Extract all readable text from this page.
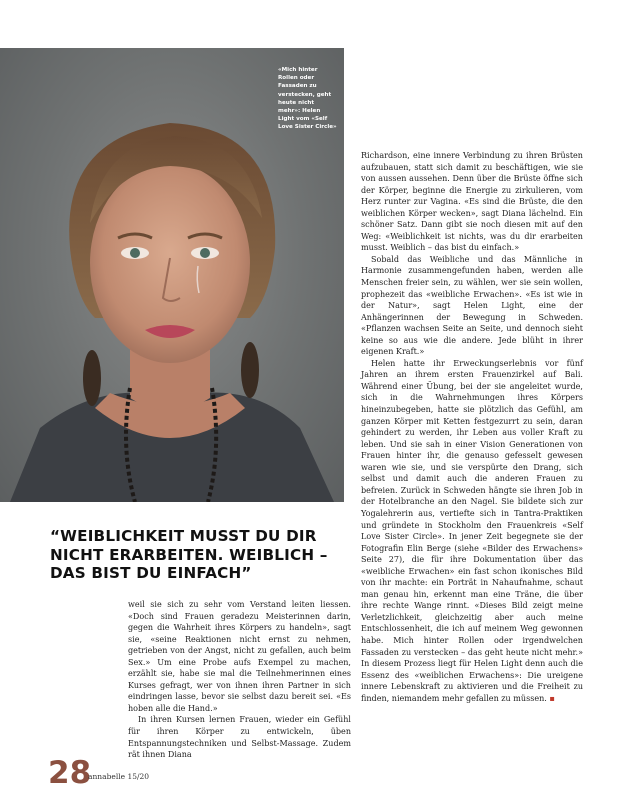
«Mich hinter Rollen oder Fassaden zu verstecken, geht heute nicht mehr»: Helen Light vom «Self Love Sister Circle»

“WEIBLICHKEIT MUSST DU DIR NICHT ERARBEITEN. WEIBLICH – DAS BIST DU EINFACH”

weil sie sich zu sehr vom Verstand leiten liessen. «Doch sind Frauen geradezu Meisterinnen darin, gegen die Wahrheit ihres Körpers zu handeln», sagt sie, «seine Reaktionen nicht ernst zu nehmen, getrieben von der Angst, nicht zu gefallen, auch beim Sex.» Um eine Probe aufs Exempel zu machen, erzählt sie, habe sie mal die Teilnehmerinnen eines Kurses gefragt, wer von ihnen ihren Partner in sich eindringen lasse, bevor sie selbst dazu bereit sei. «Es hoben alle die Hand.»

In ihren Kursen lernen Frauen, wieder ein Gefühl für ihren Körper zu entwickeln, üben Entspannungstechniken und Selbst-Massage. Zudem rät ihnen Diana

Richardson, eine innere Verbindung zu ihren Brüsten aufzubauen, statt sich damit zu beschäftigen, wie sie von aussen aussehen. Denn über die Brüste öffne sich der Körper, beginne die Energie zu zirkulieren, vom Herz runter zur Vagina. «Es sind die Brüste, die den weiblichen Körper wecken», sagt Diana lächelnd. Ein schöner Satz. Dann gibt sie noch diesen mit auf den Weg: «Weiblichkeit ist nichts, was du dir erarbeiten musst. Weiblich – das bist du einfach.»

Sobald das Weibliche und das Männliche in Harmonie zusammengefunden haben, werden alle Menschen freier sein, zu wählen, wer sie sein wollen, prophezeit das «weibliche Erwachen». «Es ist wie in der Natur», sagt Helen Light, eine der Anhängerinnen der Bewegung in Schweden. «Pflanzen wachsen Seite an Seite, und dennoch sieht keine so aus wie die andere. Jede blüht in ihrer eigenen Kraft.»

Helen hatte ihr Erweckungserlebnis vor fünf Jahren an ihrem ersten Frauenzirkel auf Bali. Während einer Übung, bei der sie angeleitet wurde, sich in die Wahrnehmungen ihres Körpers hineinzubegeben, hatte sie plötzlich das Gefühl, am ganzen Körper mit Ketten festgezurrt zu sein, daran gehindert zu werden, ihr Leben aus voller Kraft zu leben. Und sie sah in einer Vision Generationen von Frauen hinter ihr, die genauso gefesselt gewesen waren wie sie, und sie verspürte den Drang, sich selbst und damit auch die anderen Frauen zu befreien. Zurück in Schweden hängte sie ihren Job in der Hotelbranche an den Nagel. Sie bildete sich zur Yogalehrerin aus, vertiefte sich in Tantra-Praktiken und gründete in Stockholm den Frauenkreis «Self Love Sister Circle». In jener Zeit begegnete sie der Fotografin Elin Berge (siehe «Bilder des Erwachens» Seite 27), die für ihre Dokumentation über das «weibliche Erwachen» ein fast schon ikonisches Bild von ihr machte: ein Porträt in Nahaufnahme, schaut man genau hin, erkennt man eine Träne, die über ihre rechte Wange rinnt. «Dieses Bild zeigt meine Verletzlichkeit, gleichzeitig aber auch meine Entschlossenheit, die ich auf meinem Weg gewonnen habe. Mich hinter Rollen oder irgendwelchen Fassaden zu verstecken – das geht heute nicht mehr.» In diesem Prozess liegt für Helen Light denn auch die Essenz des «weiblichen Erwachens»: Die ureigene innere Lebenskraft zu aktivieren und die Freiheit zu finden, niemandem mehr gefallen zu müssen. ▪

28

annabelle 15/20
